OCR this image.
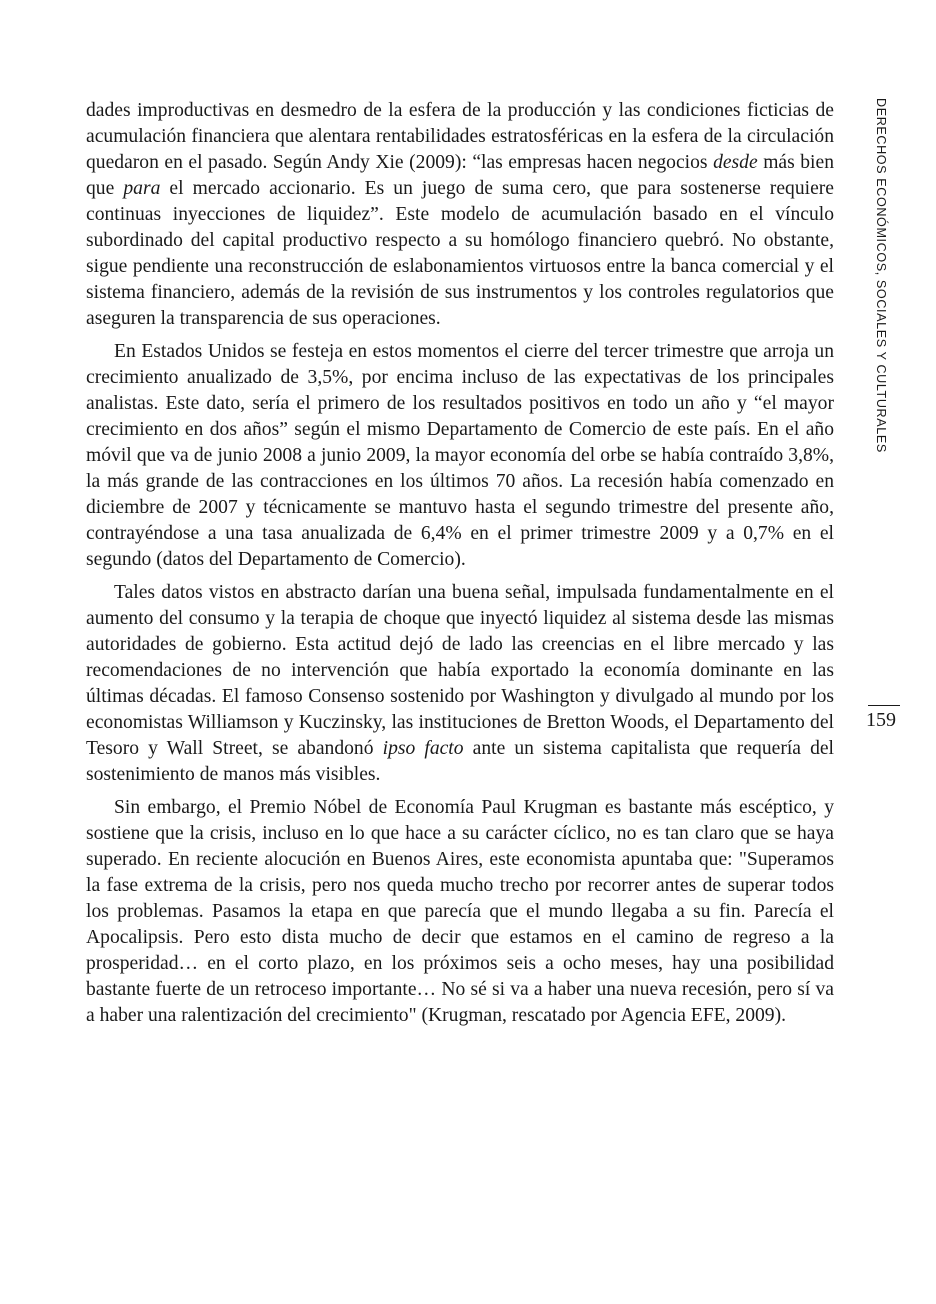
dades improductivas en desmedro de la esfera de la producción y las condiciones ficticias de acumulación financiera que alentara rentabilidades estratosféricas en la esfera de la circulación quedaron en el pasado. Según Andy Xie (2009): “las empresas hacen negocios desde más bien que para el mercado accionario. Es un juego de suma cero, que para sostenerse requiere continuas inyecciones de liquidez”. Este modelo de acumulación basado en el vínculo subordinado del capital productivo respecto a su homólogo financiero quebró. No obstante, sigue pendiente una reconstrucción de eslabonamientos virtuosos entre la banca comercial y el sistema financiero, además de la revisión de sus instrumentos y los controles regulatorios que aseguren la transparencia de sus operaciones.

En Estados Unidos se festeja en estos momentos el cierre del tercer trimestre que arroja un crecimiento anualizado de 3,5%, por encima incluso de las expectativas de los principales analistas. Este dato, sería el primero de los resultados positivos en todo un año y “el mayor crecimiento en dos años” según el mismo Departamento de Comercio de este país. En el año móvil que va de junio 2008 a junio 2009, la mayor economía del orbe se había contraído 3,8%, la más grande de las contracciones en los últimos 70 años. La recesión había comenzado en diciembre de 2007 y técnicamente se mantuvo hasta el segundo trimestre del presente año, contrayéndose a una tasa anualizada de 6,4% en el primer trimestre 2009 y a 0,7% en el segundo (datos del Departamento de Comercio).

Tales datos vistos en abstracto darían una buena señal, impulsada fundamentalmente en el aumento del consumo y la terapia de choque que inyectó liquidez al sistema desde las mismas autoridades de gobierno. Esta actitud dejó de lado las creencias en el libre mercado y las recomendaciones de no intervención que había exportado la economía dominante en las últimas décadas. El famoso Consenso sostenido por Washington y divulgado al mundo por los economistas Williamson y Kuczinsky, las instituciones de Bretton Woods, el Departamento del Tesoro y Wall Street, se abandonó ipso facto ante un sistema capitalista que requería del sostenimiento de manos más visibles.

Sin embargo, el Premio Nóbel de Economía Paul Krugman es bastante más escéptico, y sostiene que la crisis, incluso en lo que hace a su carácter cíclico, no es tan claro que se haya superado. En reciente alocución en Buenos Aires, este economista apuntaba que: "Superamos la fase extrema de la crisis, pero nos queda mucho trecho por recorrer antes de superar todos los problemas. Pasamos la etapa en que parecía que el mundo llegaba a su fin. Parecía el Apocalipsis. Pero esto dista mucho de decir que estamos en el camino de regreso a la prosperidad… en el corto plazo, en los próximos seis a ocho meses, hay una posibilidad bastante fuerte de un retroceso importante… No sé si va a haber una nueva recesión, pero sí va a haber una ralentización del crecimiento" (Krugman, rescatado por Agencia EFE, 2009).

DERECHOS ECONÓMICOS, SOCIALES Y CULTURALES
159
